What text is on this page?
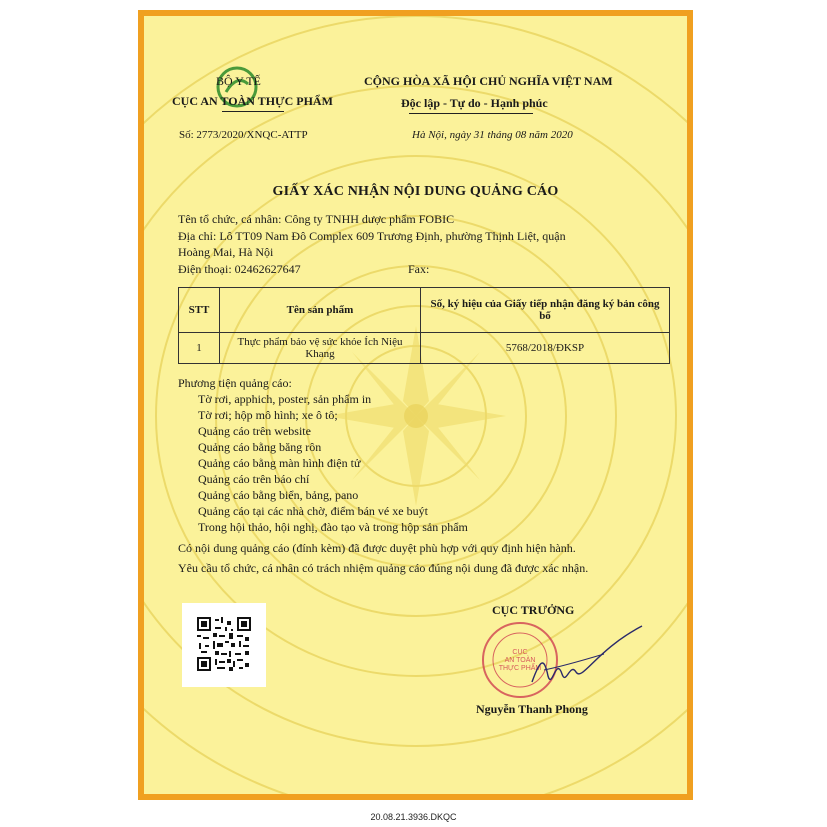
BỘ Y TẾ
CỤC AN TOÀN THỰC PHẨM
CỘNG HÒA XÃ HỘI CHỦ NGHĨA VIỆT NAM
Độc lập - Tự do - Hạnh phúc
Số: 2773/2020/XNQC-ATTP	Hà Nội, ngày 31 tháng 08 năm 2020
GIẤY XÁC NHẬN NỘI DUNG QUẢNG CÁO
Tên tổ chức, cá nhân: Công ty TNHH dược phẩm FOBIC
Địa chỉ: Lô TT09 Nam Đô Complex 609 Trương Định, phường Thịnh Liệt, quận
Hoàng Mai, Hà Nội
Điện thoại: 02462627647	Fax:
STT	Tên sản phẩm	Số, ký hiệu của Giấy tiếp nhận đăng ký bản công bố
1	Thực phẩm bảo vệ sức khỏe Ích Niệu Khang	5768/2018/ĐKSP
Phương tiện quảng cáo:
Tờ rơi, apphich, poster, sản phẩm in
Tờ rơi; hộp mô hình; xe ô tô;
Quảng cáo trên website
Quảng cáo bằng băng rôn
Quảng cáo bằng màn hình điện tử
Quảng cáo trên báo chí
Quảng cáo bằng biển, bảng, pano
Quảng cáo tại các nhà chờ, điểm bán vé xe buýt
Trong hội thảo, hội nghị, đào tạo và trong hộp sản phẩm
Có nội dung quảng cáo (đính kèm) đã được duyệt phù hợp với quy định hiện hành.
Yêu cầu tổ chức, cá nhân có trách nhiệm quảng cáo đúng nội dung đã được xác nhận.
CỤC TRƯỞNG
CỤC
AN TOÀN
THỰC PHẨM
Nguyễn Thanh Phong
20.08.21.3936.DKQC
